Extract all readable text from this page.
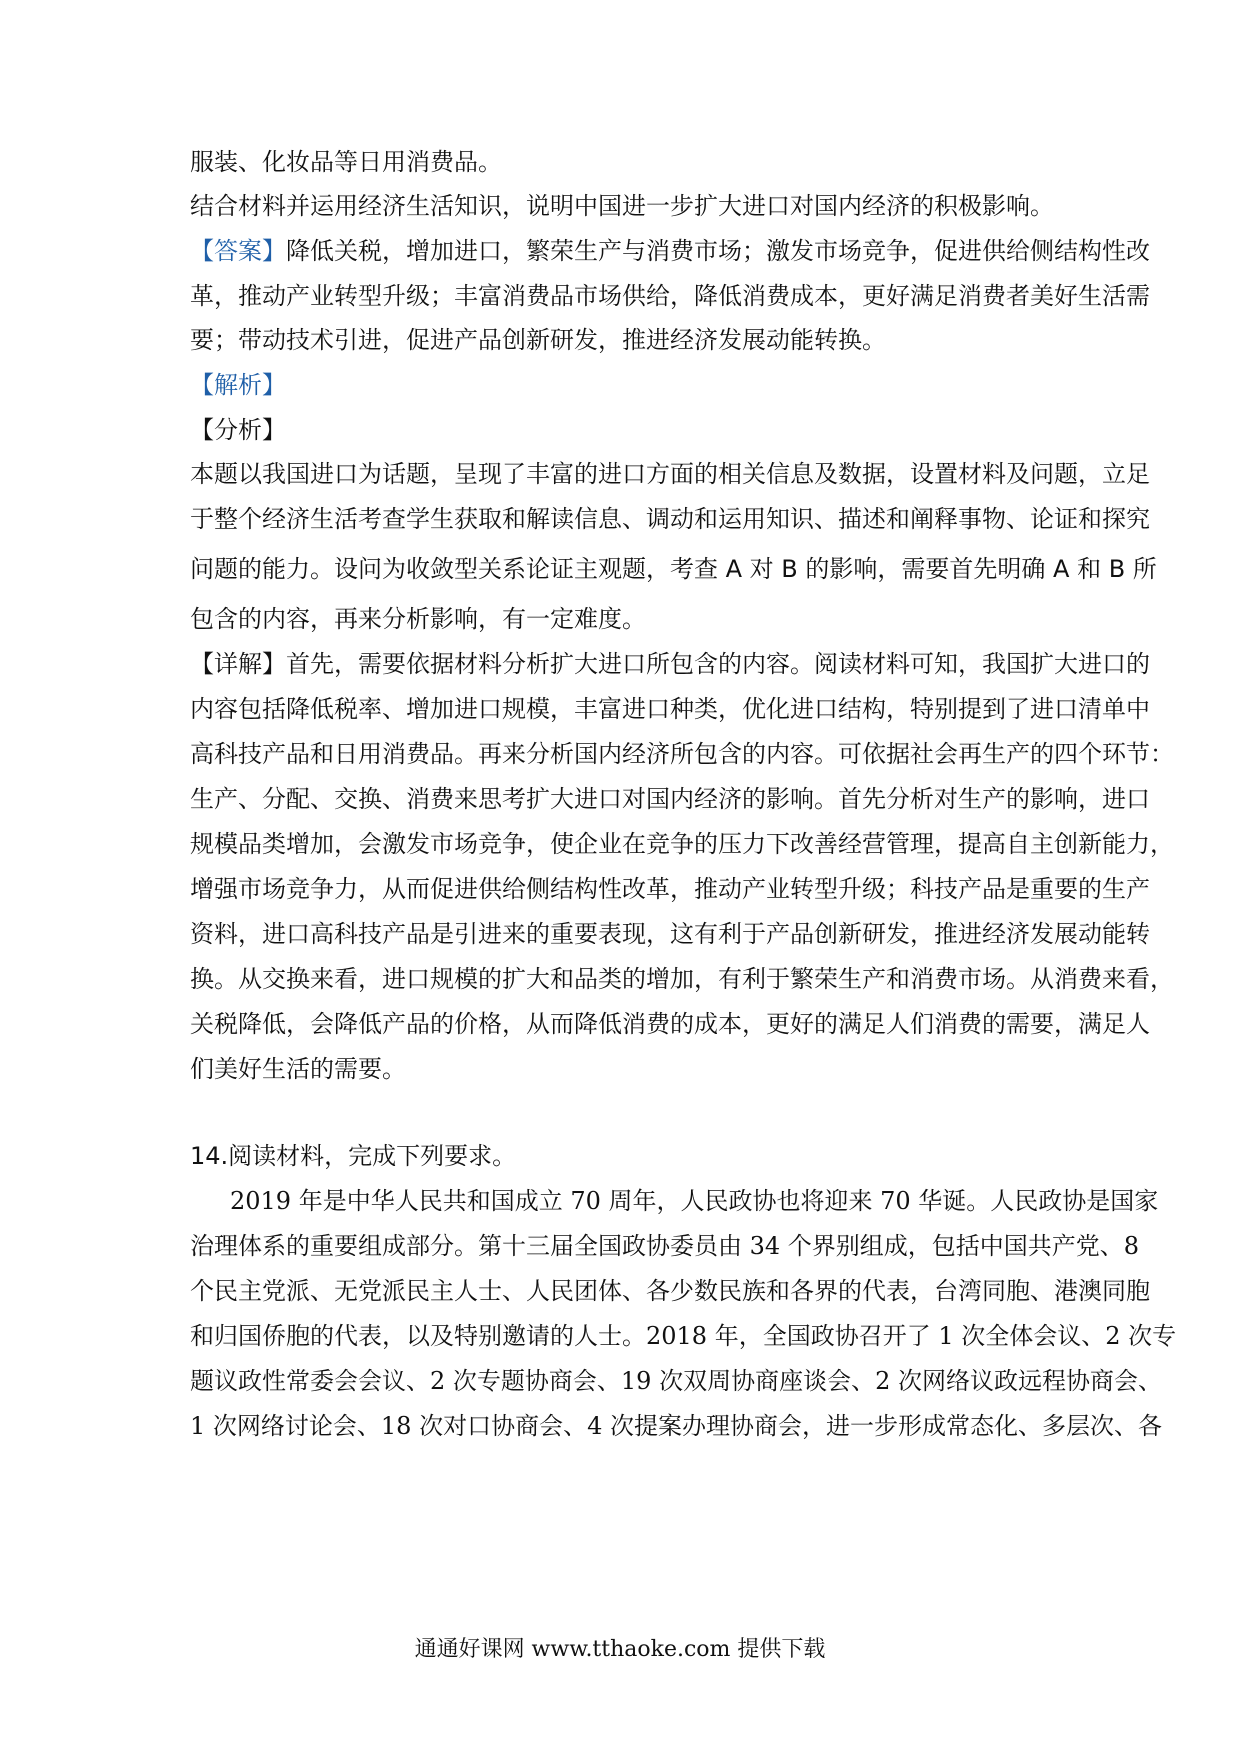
服装、化妆品等日用消费品。
结合材料并运用经济生活知识，说明中国进一步扩大进口对国内经济的积极影响。
【答案】降低关税，增加进口，繁荣生产与消费市场；激发市场竞争，促进供给侧结构性改
革，推动产业转型升级；丰富消费品市场供给，降低消费成本，更好满足消费者美好生活需
要；带动技术引进，促进产品创新研发，推进经济发展动能转换。
【解析】
【分析】
本题以我国进口为话题，呈现了丰富的进口方面的相关信息及数据，设置材料及问题，立足
于整个经济生活考查学生获取和解读信息、调动和运用知识、描述和阐释事物、论证和探究
问题的能力。设问为收敛型关系论证主观题，考查 A 对 B 的影响，需要首先明确 A 和 B 所
包含的内容，再来分析影响，有一定难度。
【详解】首先，需要依据材料分析扩大进口所包含的内容。阅读材料可知，我国扩大进口的
内容包括降低税率、增加进口规模，丰富进口种类，优化进口结构，特别提到了进口清单中
高科技产品和日用消费品。再来分析国内经济所包含的内容。可依据社会再生产的四个环节：
生产、分配、交换、消费来思考扩大进口对国内经济的影响。首先分析对生产的影响，进口
规模品类增加，会激发市场竞争，使企业在竞争的压力下改善经营管理，提高自主创新能力，
增强市场竞争力，从而促进供给侧结构性改革，推动产业转型升级；科技产品是重要的生产
资料，进口高科技产品是引进来的重要表现，这有利于产品创新研发，推进经济发展动能转
换。从交换来看，进口规模的扩大和品类的增加，有利于繁荣生产和消费市场。从消费来看，
关税降低，会降低产品的价格，从而降低消费的成本，更好的满足人们消费的需要，满足人
们美好生活的需要。
14.阅读材料，完成下列要求。
2019 年是中华人民共和国成立 70 周年，人民政协也将迎来 70 华诞。人民政协是国家
治理体系的重要组成部分。第十三届全国政协委员由 34 个界别组成，包括中国共产党、8
个民主党派、无党派民主人士、人民团体、各少数民族和各界的代表，台湾同胞、港澳同胞
和归国侨胞的代表，以及特别邀请的人士。2018 年，全国政协召开了 1 次全体会议、2 次专
题议政性常委会会议、2 次专题协商会、19 次双周协商座谈会、2 次网络议政远程协商会、
1 次网络讨论会、18 次对口协商会、4 次提案办理协商会，进一步形成常态化、多层次、各
通通好课网 www.tthaoke.com 提供下载
